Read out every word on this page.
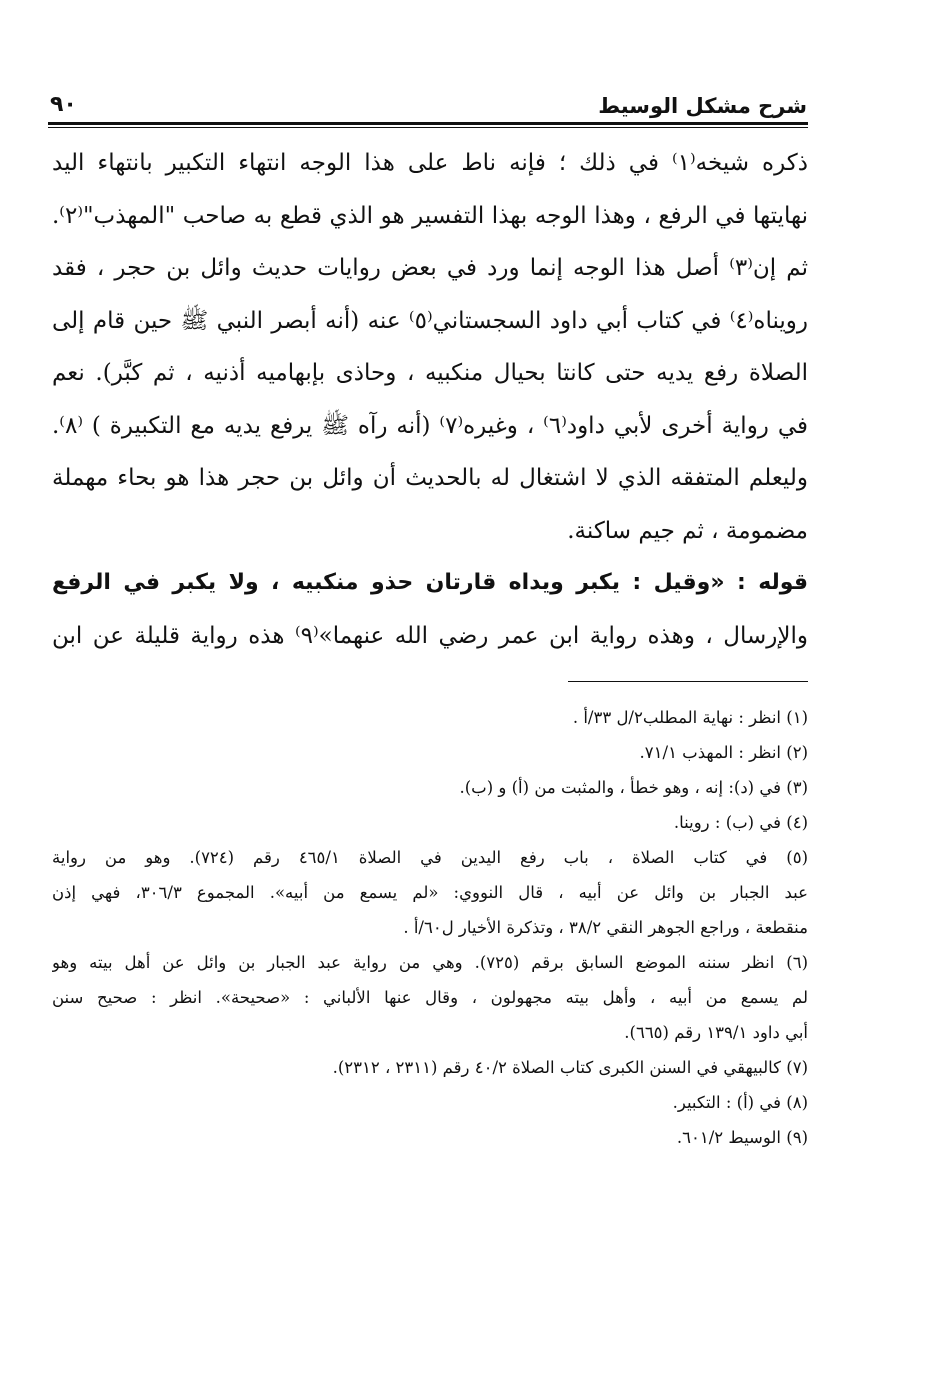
شرح مشكل الوسيط
٩٠
ذكره شيخه⁽١⁾ في ذلك ؛ فإنه ناط على هذا الوجه انتهاء التكبير بانتهاء اليد
نهايتها في الرفع ، وهذا الوجه بهذا التفسير هو الذي قطع به صاحب "المهذب"⁽٢⁾.
ثم إن⁽٣⁾ أصل هذا الوجه إنما ورد في بعض روايات حديث وائل بن حجر ، فقد
رويناه⁽٤⁾ في كتاب أبي داود السجستاني⁽٥⁾ عنه (أنه أبصر النبي ﷺ حين قام إلى
الصلاة رفع يديه حتى كانتا بحيال منكبيه ، وحاذى بإبهاميه أذنيه ، ثم كبَّر). نعم
في رواية أخرى لأبي داود⁽٦⁾ ، وغيره⁽٧⁾ (أنه رآه ﷺ يرفع يديه مع التكبيرة ) ⁽٨⁾.
وليعلم المتفقه الذي لا اشتغال له بالحديث أن وائل بن حجر هذا هو بحاء مهملة
مضمومة ، ثم جيم ساكنة.
قوله : «وقيل : يكبر ويداه قارتان حذو منكبيه ، ولا يكبر في الرفع
والإرسال ، وهذه رواية ابن عمر رضي الله عنهما»⁽٩⁾ هذه رواية قليلة عن ابن
(١) انظر : نهاية المطلب٢/ل ٣٣/أ .
(٢) انظر : المهذب ٧١/١.
(٣) في (د): إنه ، وهو خطأ ، والمثبت من (أ) و (ب).
(٤) في (ب) : روينا.
(٥) في كتاب الصلاة ، باب رفع اليدين في الصلاة ٤٦٥/١ رقم (٧٢٤). وهو من رواية
عبد الجبار بن وائل عن أبيه ، قال النووي: «لم يسمع من أبيه». المجموع ٣٠٦/٣، فهي إذن
منقطعة ، وراجع الجوهر النقي ٣٨/٢ ، وتذكرة الأخيار ل٦٠/أ .
(٦) انظر سننه الموضع السابق برقم (٧٢٥). وهي من رواية عبد الجبار بن وائل عن أهل بيته وهو
لم يسمع من أبيه ، وأهل بيته مجهولون ، وقال عنها الألباني : «صحيحة». انظر : صحيح سنن
أبي داود ١٣٩/١ رقم (٦٦٥).
(٧) كالبيهقي في السنن الكبرى كتاب الصلاة ٤٠/٢ رقم (٢٣١١ ، ٢٣١٢).
(٨) في (أ) : التكبير.
(٩) الوسيط ٦٠١/٢.
